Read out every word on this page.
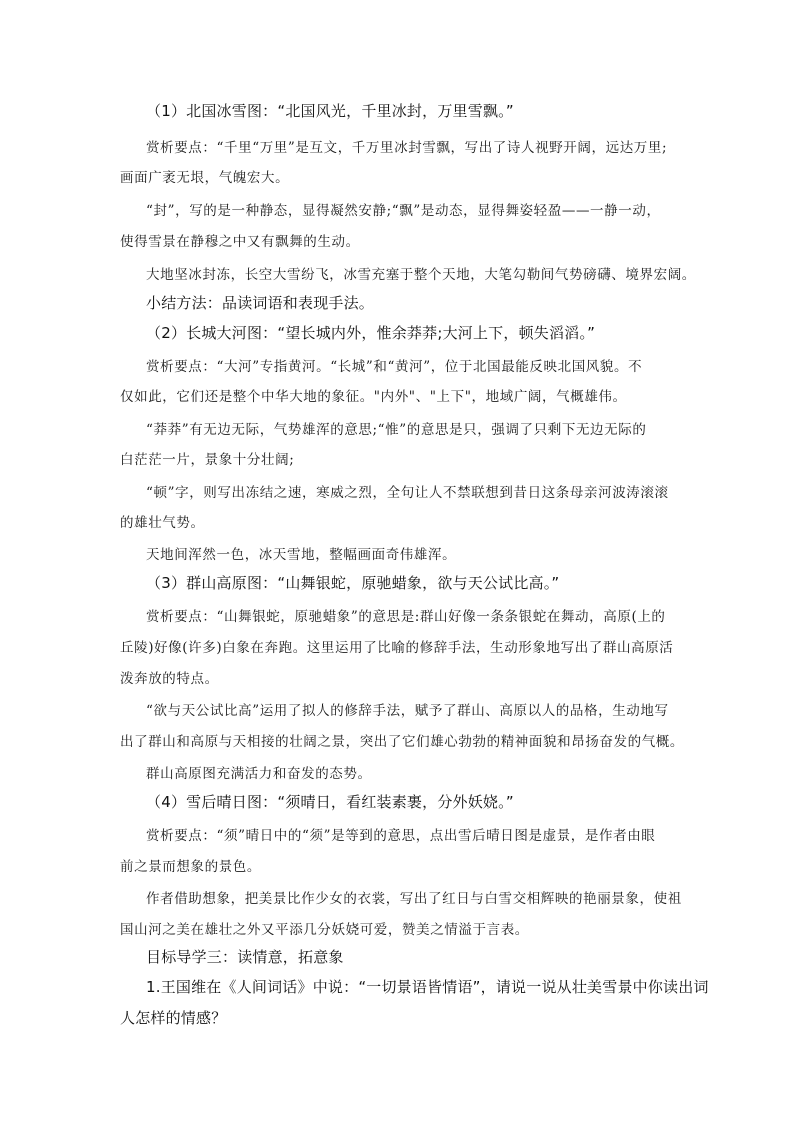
（1）北国冰雪图：“北国风光，千里冰封，万里雪飘。”
赏析要点：“千里“万里”是互文，千万里冰封雪飘，写出了诗人视野开阔，远达万里;
画面广袤无垠，气魄宏大。
“封”，写的是一种静态，显得凝然安静;“飘”是动态，显得舞姿轻盈——一静一动，
使得雪景在静穆之中又有飘舞的生动。
大地坚冰封冻，长空大雪纷飞，冰雪充塞于整个天地，大笔勾勒间气势磅礴、境界宏阔。
小结方法：品读词语和表现手法。
（2）长城大河图：“望长城内外，惟余莽莽;大河上下，顿失滔滔。”
赏析要点：“大河”专指黄河。“长城”和“黄河”，位于北国最能反映北国风貌。不
仅如此，它们还是整个中华大地的象征。"内外"、"上下"，地域广阔，气概雄伟。
“莽莽”有无边无际，气势雄浑的意思;“惟”的意思是只，强调了只剩下无边无际的
白茫茫一片，景象十分壮阔;
“顿”字，则写出冻结之速，寒威之烈，全句让人不禁联想到昔日这条母亲河波涛滚滚
的雄壮气势。
天地间浑然一色，冰天雪地，整幅画面奇伟雄浑。
（3）群山高原图：“山舞银蛇，原驰蜡象，欲与天公试比高。”
赏析要点：“山舞银蛇，原驰蜡象”的意思是:群山好像一条条银蛇在舞动，高原(上的
丘陵)好像(许多)白象在奔跑。这里运用了比喻的修辞手法，生动形象地写出了群山高原活
泼奔放的特点。
“欲与天公试比高”运用了拟人的修辞手法，赋予了群山、高原以人的品格，生动地写
出了群山和高原与天相接的壮阔之景，突出了它们雄心勃勃的精神面貌和昂扬奋发的气概。
群山高原图充满活力和奋发的态势。
（4）雪后晴日图：“须晴日，看红装素裹，分外妖娆。”
赏析要点：“须”晴日中的“须”是等到的意思，点出雪后晴日图是虚景，是作者由眼
前之景而想象的景色。
作者借助想象，把美景比作少女的衣裳，写出了红日与白雪交相辉映的艳丽景象，使祖
国山河之美在雄壮之外又平添几分妖娆可爱，赞美之情溢于言表。
目标导学三：读情意，拓意象
1.王国维在《人间词话》中说：“一切景语皆情语”，请说一说从壮美雪景中你读出词
人怎样的情感？
